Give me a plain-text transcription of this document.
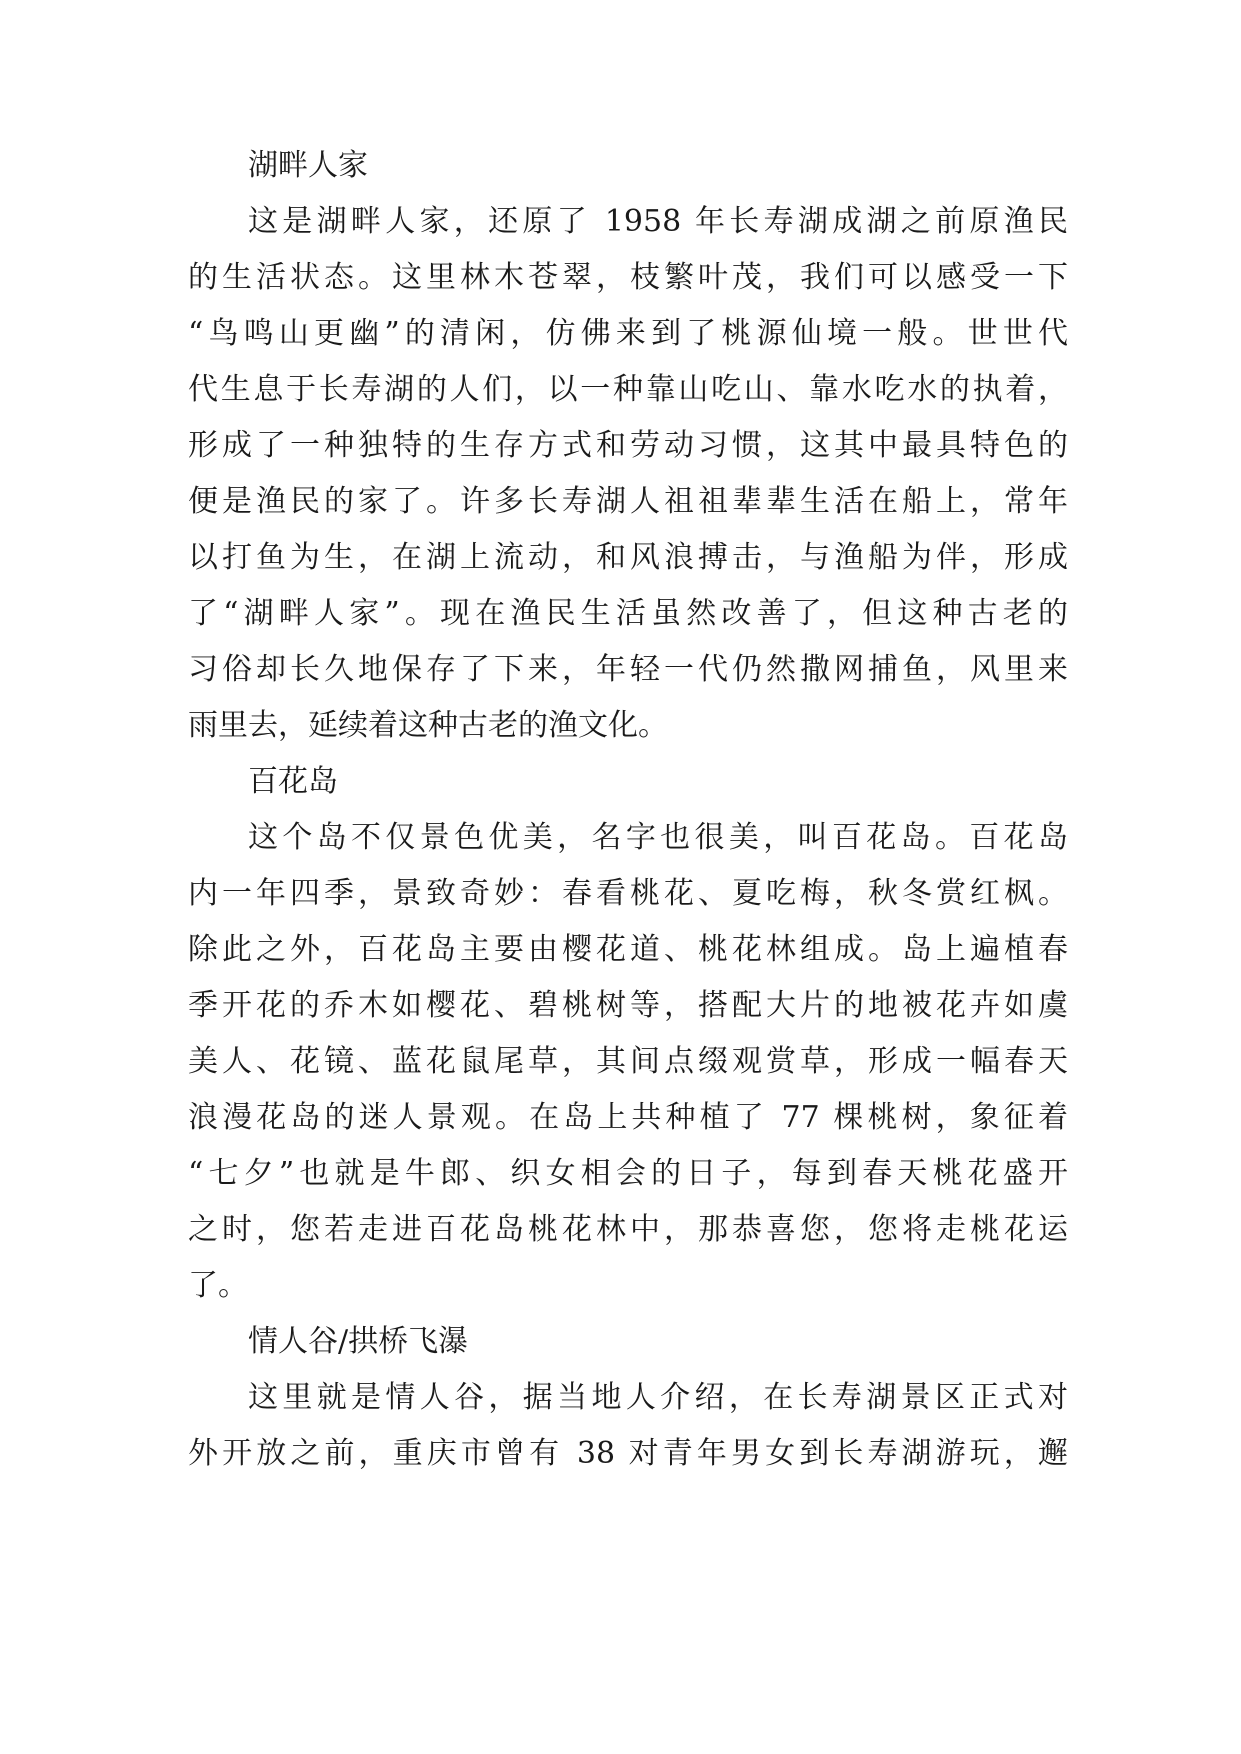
湖畔人家
这是湖畔人家，还原了 1958 年长寿湖成湖之前原渔民
的生活状态。这里林木苍翠，枝繁叶茂，我们可以感受一下
“鸟鸣山更幽”的清闲，仿佛来到了桃源仙境一般。世世代
代生息于长寿湖的人们，以一种靠山吃山、靠水吃水的执着，
形成了一种独特的生存方式和劳动习惯，这其中最具特色的
便是渔民的家了。许多长寿湖人祖祖辈辈生活在船上，常年
以打鱼为生，在湖上流动，和风浪搏击，与渔船为伴，形成
了“湖畔人家”。现在渔民生活虽然改善了，但这种古老的
习俗却长久地保存了下来，年轻一代仍然撒网捕鱼，风里来
雨里去，延续着这种古老的渔文化。
百花岛
这个岛不仅景色优美，名字也很美，叫百花岛。百花岛
内一年四季，景致奇妙：春看桃花、夏吃梅，秋冬赏红枫。
除此之外，百花岛主要由樱花道、桃花林组成。岛上遍植春
季开花的乔木如樱花、碧桃树等，搭配大片的地被花卉如虞
美人、花镜、蓝花鼠尾草，其间点缀观赏草，形成一幅春天
浪漫花岛的迷人景观。在岛上共种植了 77 棵桃树，象征着
“七夕”也就是牛郎、织女相会的日子，每到春天桃花盛开
之时，您若走进百花岛桃花林中，那恭喜您，您将走桃花运
了。
情人谷/拱桥飞瀑
这里就是情人谷，据当地人介绍，在长寿湖景区正式对
外开放之前，重庆市曾有 38 对青年男女到长寿湖游玩，邂
